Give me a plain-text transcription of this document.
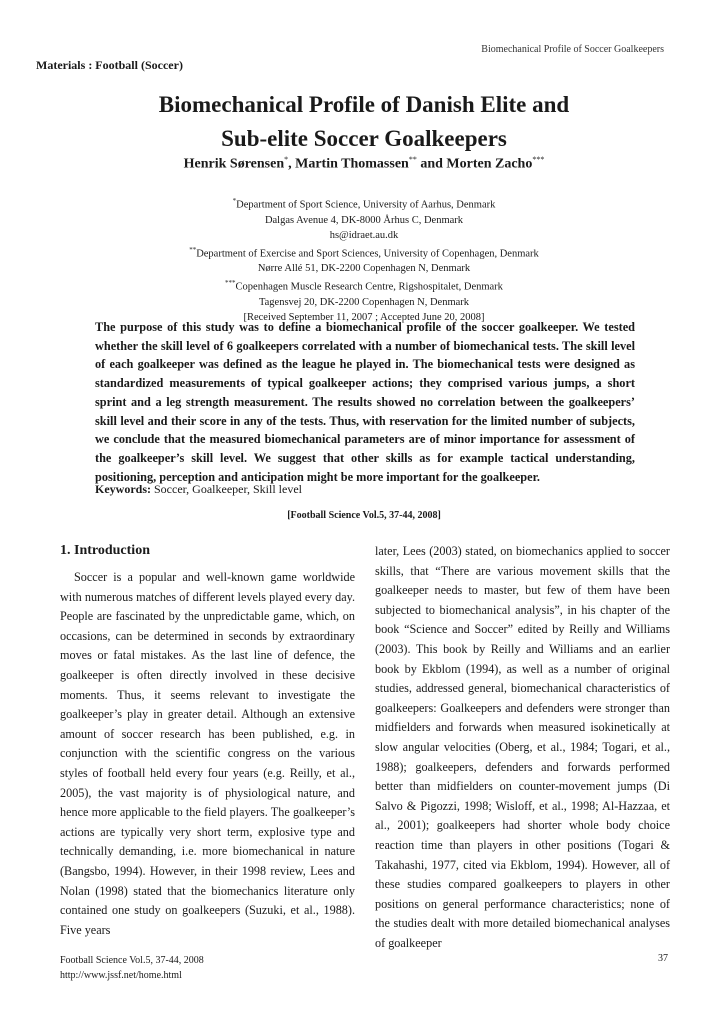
Biomechanical Profile of Soccer Goalkeepers
Materials : Football (Soccer)
Biomechanical Profile of Danish Elite and
Sub-elite Soccer Goalkeepers
Henrik Sørensen*, Martin Thomassen** and Morten Zacho***
*Department of Sport Science, University of Aarhus, Denmark
Dalgas Avenue 4, DK-8000 Århus C, Denmark
hs@idraet.au.dk
**Department of Exercise and Sport Sciences, University of Copenhagen, Denmark
Nørre Allé 51, DK-2200 Copenhagen N, Denmark
***Copenhagen Muscle Research Centre, Rigshospitalet, Denmark
Tagensvej 20, DK-2200 Copenhagen N, Denmark
[Received September 11, 2007 ; Accepted June 20, 2008]
The purpose of this study was to define a biomechanical profile of the soccer goalkeeper. We tested whether the skill level of 6 goalkeepers correlated with a number of biomechanical tests. The skill level of each goalkeeper was defined as the league he played in. The biomechanical tests were designed as standardized measurements of typical goalkeeper actions; they comprised various jumps, a short sprint and a leg strength measurement. The results showed no correlation between the goalkeepers’ skill level and their score in any of the tests. Thus, with reservation for the limited number of subjects, we conclude that the measured biomechanical parameters are of minor importance for assessment of the goalkeeper’s skill level. We suggest that other skills as for example tactical understanding, positioning, perception and anticipation might be more important for the goalkeeper.
Keywords: Soccer, Goalkeeper, Skill level
[Football Science Vol.5, 37-44, 2008]
1. Introduction

Soccer is a popular and well-known game worldwide with numerous matches of different levels played every day. People are fascinated by the unpredictable game, which, on occasions, can be determined in seconds by extraordinary moves or fatal mistakes. As the last line of defence, the goalkeeper is often directly involved in these decisive moments. Thus, it seems relevant to investigate the goalkeeper’s play in greater detail. Although an extensive amount of soccer research has been published, e.g. in conjunction with the scientific congress on the various styles of football held every four years (e.g. Reilly, et al., 2005), the vast majority is of physiological nature, and hence more applicable to the field players. The goalkeeper’s actions are typically very short term, explosive type and technically demanding, i.e. more biomechanical in nature (Bangsbo, 1994). However, in their 1998 review, Lees and Nolan (1998) stated that the biomechanics literature only contained one study on goalkeepers (Suzuki, et al., 1988). Five years

later, Lees (2003) stated, on biomechanics applied to soccer skills, that “There are various movement skills that the goalkeeper needs to master, but few of them have been subjected to biomechanical analysis”, in his chapter of the book “Science and Soccer” edited by Reilly and Williams (2003). This book by Reilly and Williams and an earlier book by Ekblom (1994), as well as a number of original studies, addressed general, biomechanical characteristics of goalkeepers: Goalkeepers and defenders were stronger than midfielders and forwards when measured isokinetically at slow angular velocities (Oberg, et al., 1984; Togari, et al., 1988); goalkeepers, defenders and forwards performed better than midfielders on counter-movement jumps (Di Salvo & Pigozzi, 1998; Wisloff, et al., 1998; Al-Hazzaa, et al., 2001); goalkeepers had shorter whole body choice reaction time than players in other positions (Togari & Takahashi, 1977, cited via Ekblom, 1994). However, all of these studies compared goalkeepers to players in other positions on general performance characteristics; none of the studies dealt with more detailed biomechanical analyses of goalkeeper

Football Science Vol.5, 37-44, 2008
http://www.jssf.net/home.html
37
